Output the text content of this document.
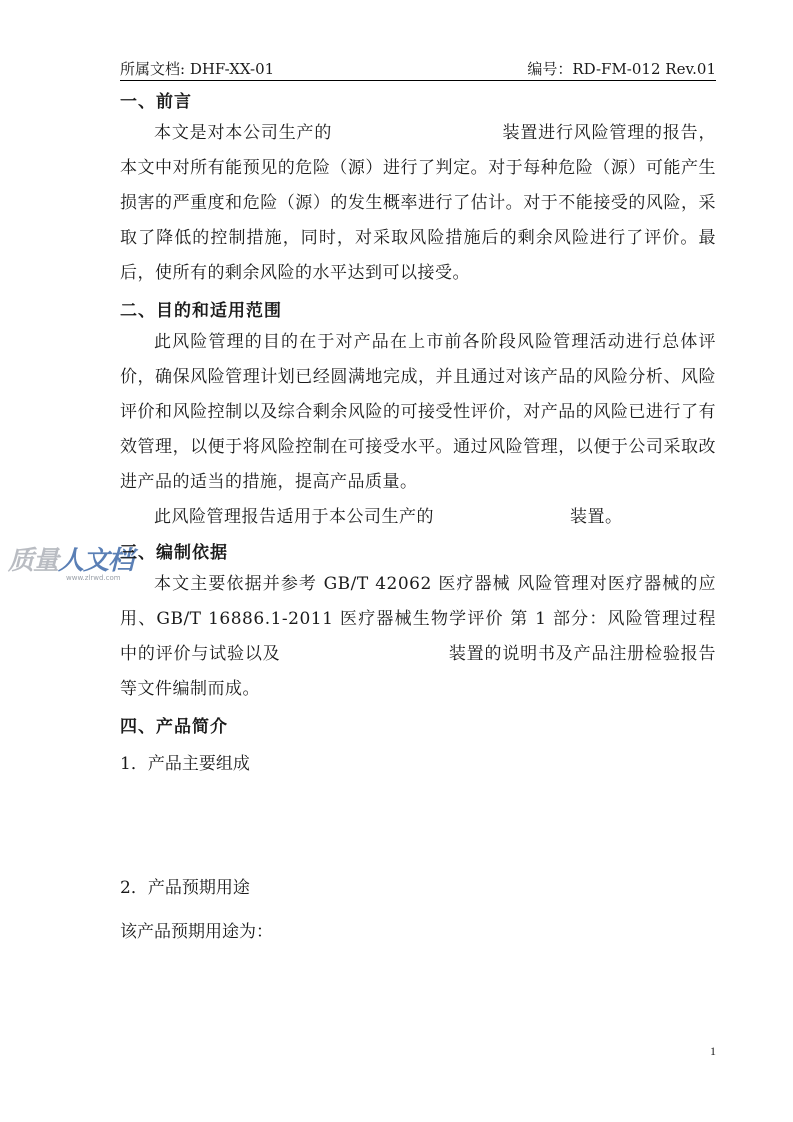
所属文档: DHF-XX-01	编号：RD-FM-012 Rev.01
质量人文档
www.zlrwd.com

一、前言

本文是对本公司生产的	装置进行风险管理的报告，本文中对所有能预见的危险（源）进行了判定。对于每种危险（源）可能产生损害的严重度和危险（源）的发生概率进行了估计。对于不能接受的风险，采取了降低的控制措施，同时，对采取风险措施后的剩余风险进行了评价。最后，使所有的剩余风险的水平达到可以接受。

二、目的和适用范围

此风险管理的目的在于对产品在上市前各阶段风险管理活动进行总体评价，确保风险管理计划已经圆满地完成，并且通过对该产品的风险分析、风险评价和风险控制以及综合剩余风险的可接受性评价，对产品的风险已进行了有效管理，以便于将风险控制在可接受水平。通过风险管理，以便于公司采取改进产品的适当的措施，提高产品质量。

此风险管理报告适用于本公司生产的	装置。

三、编制依据

本文主要依据并参考 GB/T 42062 医疗器械 风险管理对医疗器械的应用、GB/T 16886.1-2011 医疗器械生物学评价 第 1 部分：风险管理过程中的评价与试验以及	装置的说明书及产品注册检验报告等文件编制而成。

四、产品简介

1．产品主要组成

2．产品预期用途

该产品预期用途为：

1
